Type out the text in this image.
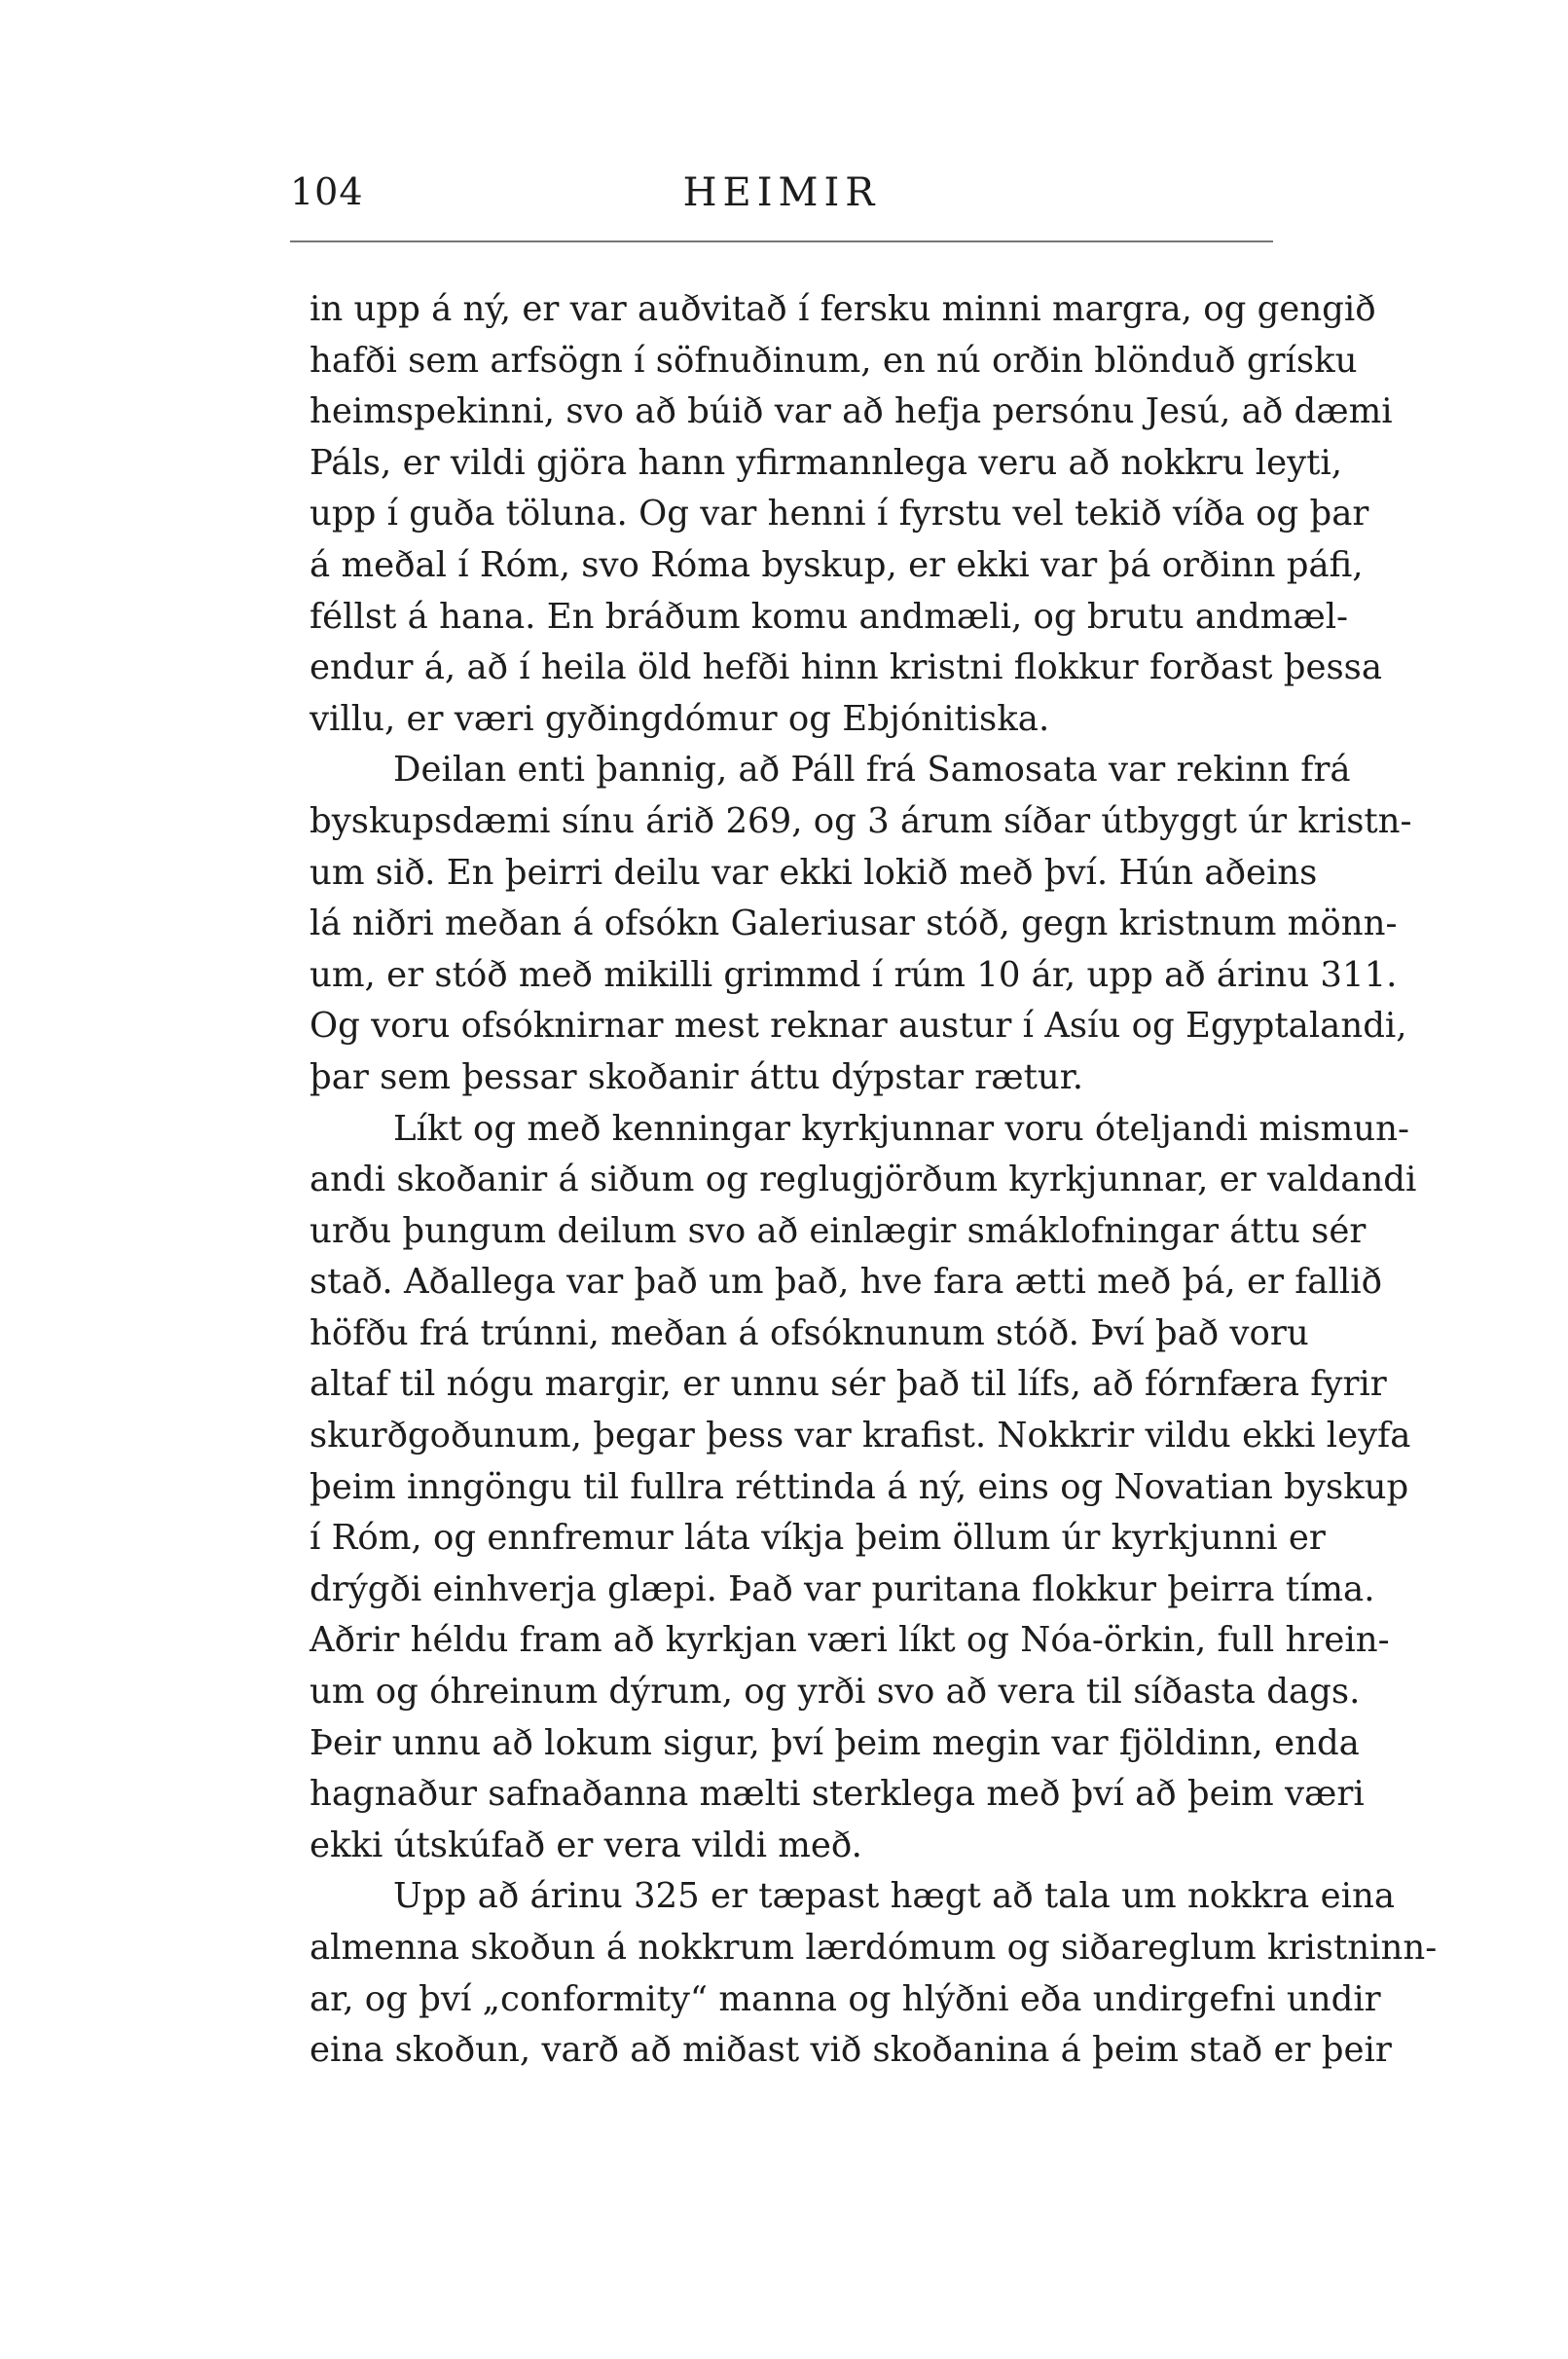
104	HEIMIR
in upp á ný, er var auðvitað í fersku minni margra, og gengið
hafði sem arfsögn í söfnuðinum, en nú orðin blönduð grísku
heimspekinni, svo að búið var að hefja persónu Jesú, að dæmi
Páls, er vildi gjöra hann yfirmannlega veru að nokkru leyti,
upp í guða töluna. Og var henni í fyrstu vel tekið víða og þar
á meðal í Róm, svo Róma byskup, er ekki var þá orðinn páfi,
féllst á hana. En bráðum komu andmæli, og brutu andmæl-
endur á, að í heila öld hefði hinn kristni flokkur forðast þessa
villu, er væri gyðingdómur og Ebjónitiska.
Deilan enti þannig, að Páll frá Samosata var rekinn frá
byskupsdæmi sínu árið 269, og 3 árum síðar útbyggt úr kristn-
um sið. En þeirri deilu var ekki lokið með því. Hún aðeins
lá niðri meðan á ofsókn Galeriusar stóð, gegn kristnum mönn-
um, er stóð með mikilli grimmd í rúm 10 ár, upp að árinu 311.
Og voru ofsóknirnar mest reknar austur í Asíu og Egyptalandi,
þar sem þessar skoðanir áttu dýpstar rætur.
Líkt og með kenningar kyrkjunnar voru óteljandi mismun-
andi skoðanir á siðum og reglugjörðum kyrkjunnar, er valdandi
urðu þungum deilum svo að einlægir smáklofningar áttu sér
stað. Aðallega var það um það, hve fara ætti með þá, er fallið
höfðu frá trúnni, meðan á ofsóknunum stóð. Því það voru
altaf til nógu margir, er unnu sér það til lífs, að fórnfæra fyrir
skurðgoðunum, þegar þess var krafist. Nokkrir vildu ekki leyfa
þeim inngöngu til fullra réttinda á ný, eins og Novatian byskup
í Róm, og ennfremur láta víkja þeim öllum úr kyrkjunni er
drýgði einhverja glæpi. Það var puritana flokkur þeirra tíma.
Aðrir héldu fram að kyrkjan væri líkt og Nóa-örkin, full hrein-
um og óhreinum dýrum, og yrði svo að vera til síðasta dags.
Þeir unnu að lokum sigur, því þeim megin var fjöldinn, enda
hagnaður safnaðanna mælti sterklega með því að þeim væri
ekki útskúfað er vera vildi með.
Upp að árinu 325 er tæpast hægt að tala um nokkra eina
almenna skoðun á nokkrum lærdómum og siðareglum kristninn-
ar, og því „conformity“ manna og hlýðni eða undirgefni undir
eina skoðun, varð að miðast við skoðanina á þeim stað er þeir
